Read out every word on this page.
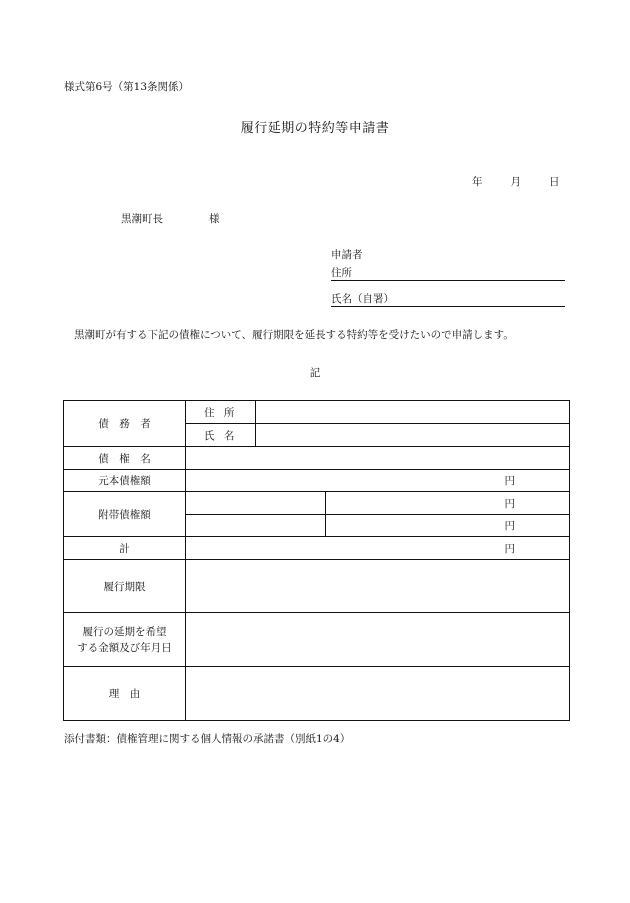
様式第6号（第13条関係）
履行延期の特約等申請書
年	月	日
黒潮町長	様
申請者
住所
氏名（自署）
黒潮町が有する下記の債権について、履行期限を延長する特約等を受けたいので申請します。
記
債　務　者	住 所		
	氏 名		
債　権　名			
元本債権額	円		
附帯債権額			円
			円
計	円		
履行期限			

履行の延期を希望
する金額及び年月日			

理　由			
添付書類：債権管理に関する個人情報の承諾書（別紙1の4）
